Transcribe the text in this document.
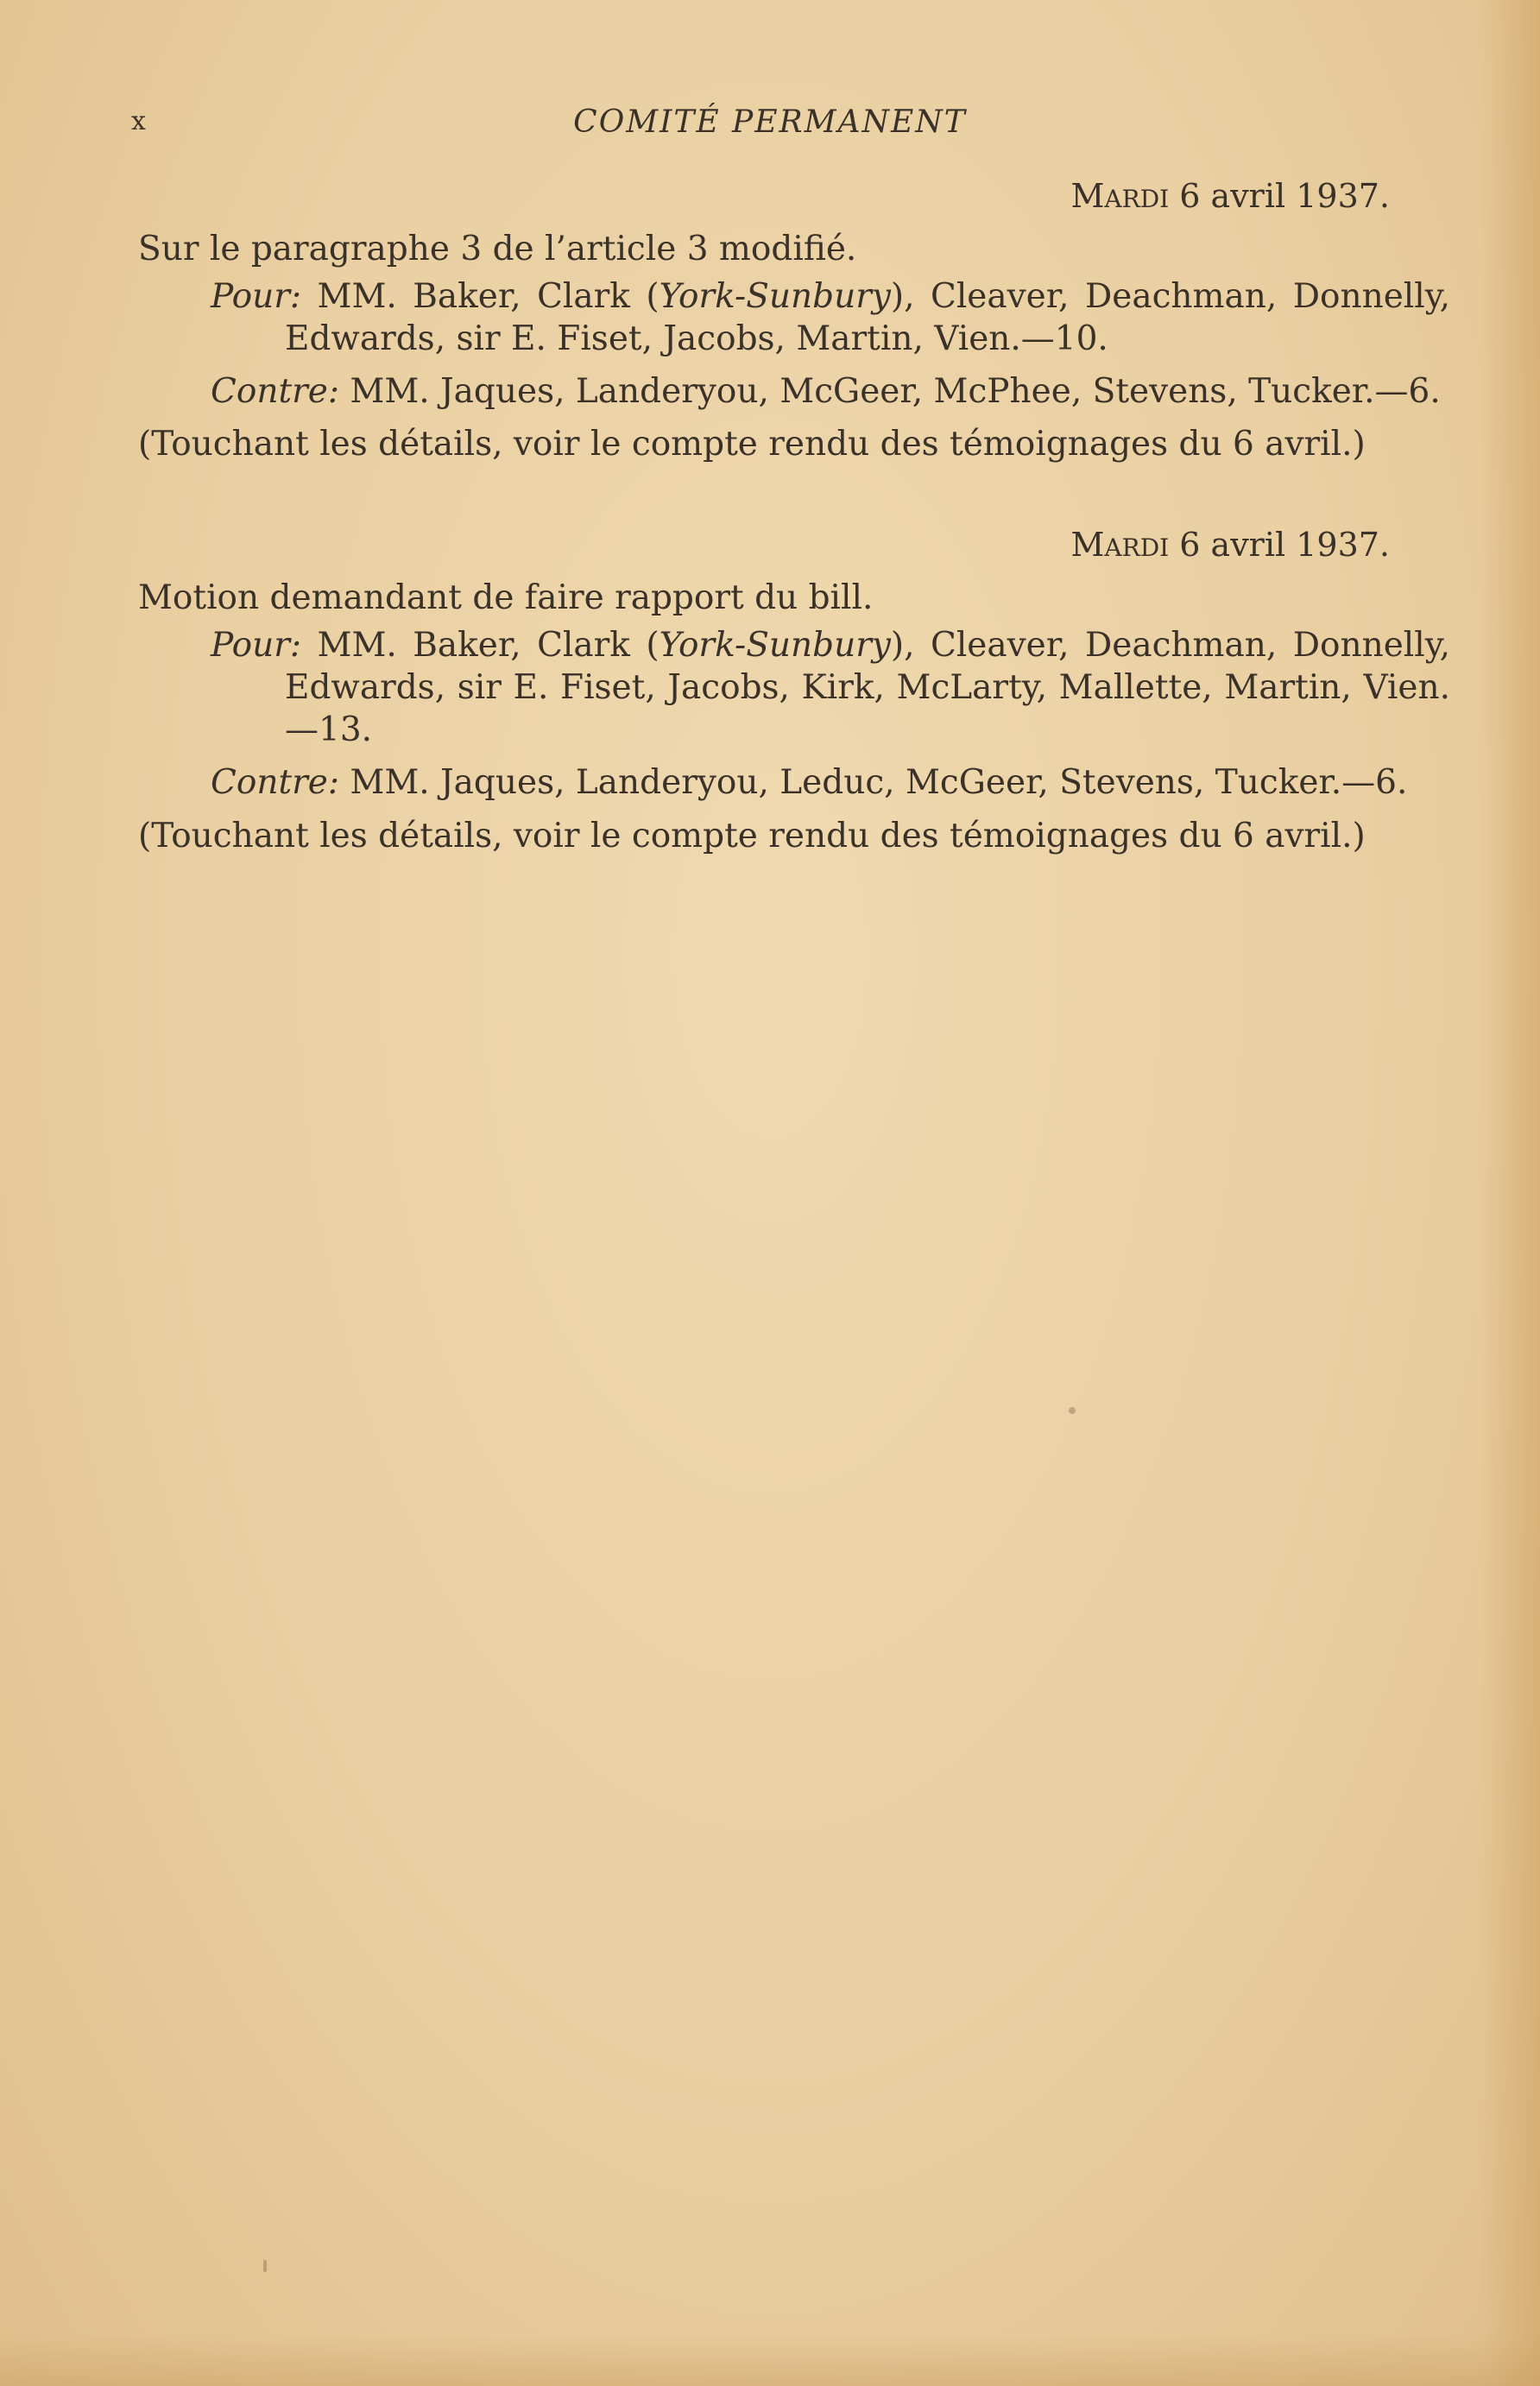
x	COMITÉ PERMANENT
MARDI 6 avril 1937.

Sur le paragraphe 3 de l’article 3 modifié.

Pour: MM. Baker, Clark (York-Sunbury), Cleaver, Deachman, Donnelly, Edwards, sir E. Fiset, Jacobs, Martin, Vien.—10.

Contre: MM. Jaques, Landeryou, McGeer, McPhee, Stevens, Tucker.—6.

(Touchant les détails, voir le compte rendu des témoignages du 6 avril.)

MARDI 6 avril 1937.

Motion demandant de faire rapport du bill.

Pour: MM. Baker, Clark (York-Sunbury), Cleaver, Deachman, Donnelly, Edwards, sir E. Fiset, Jacobs, Kirk, McLarty, Mallette, Martin, Vien.—13.

Contre: MM. Jaques, Landeryou, Leduc, McGeer, Stevens, Tucker.—6.

(Touchant les détails, voir le compte rendu des témoignages du 6 avril.)
